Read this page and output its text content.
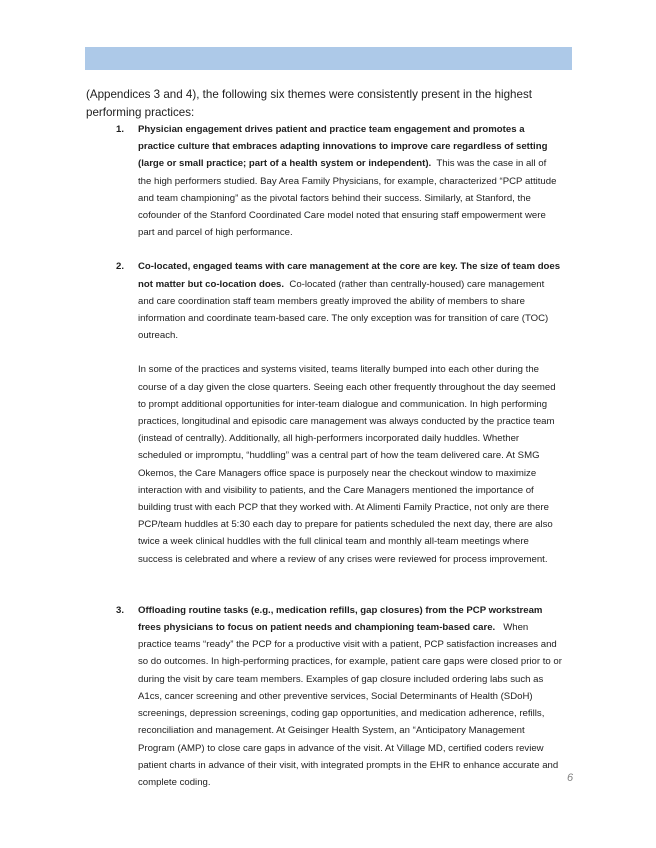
(Appendices 3 and 4), the following six themes were consistently present in the highest performing practices:

1. Physician engagement drives patient and practice team engagement and promotes a practice culture that embraces adapting innovations to improve care regardless of setting (large or small practice; part of a health system or independent). This was the case in all of the high performers studied. Bay Area Family Physicians, for example, characterized “PCP attitude and team championing” as the pivotal factors behind their success. Similarly, at Stanford, the cofounder of the Stanford Coordinated Care model noted that ensuring staff empowerment were part and parcel of high performance.

2. Co-located, engaged teams with care management at the core are key. The size of team does not matter but co-location does. Co-located (rather than centrally-housed) care management and care coordination staff team members greatly improved the ability of members to share information and coordinate team-based care. The only exception was for transition of care (TOC) outreach.

In some of the practices and systems visited, teams literally bumped into each other during the course of a day given the close quarters. Seeing each other frequently throughout the day seemed to prompt additional opportunities for inter-team dialogue and communication. In high performing practices, longitudinal and episodic care management was always conducted by the practice team (instead of centrally). Additionally, all high-performers incorporated daily huddles. Whether scheduled or impromptu, “huddling” was a central part of how the team delivered care. At SMG Okemos, the Care Managers office space is purposely near the checkout window to maximize interaction with and visibility to patients, and the Care Managers mentioned the importance of building trust with each PCP that they worked with. At Alimenti Family Practice, not only are there PCP/team huddles at 5:30 each day to prepare for patients scheduled the next day, there are also twice a week clinical huddles with the full clinical team and monthly all-team meetings where success is celebrated and where a review of any crises were reviewed for process improvement.

3. Offloading routine tasks (e.g., medication refills, gap closures) from the PCP workstream frees physicians to focus on patient needs and championing team-based care. When practice teams “ready” the PCP for a productive visit with a patient, PCP satisfaction increases and so do outcomes. In high-performing practices, for example, patient care gaps were closed prior to or during the visit by care team members. Examples of gap closure included ordering labs such as A1cs, cancer screening and other preventive services, Social Determinants of Health (SDoH) screenings, depression screenings, coding gap opportunities, and medication adherence, refills, reconciliation and management. At Geisinger Health System, an “Anticipatory Management Program (AMP) to close care gaps in advance of the visit. At Village MD, certified coders review patient charts in advance of their visit, with integrated prompts in the EHR to enhance accurate and complete coding.	6
